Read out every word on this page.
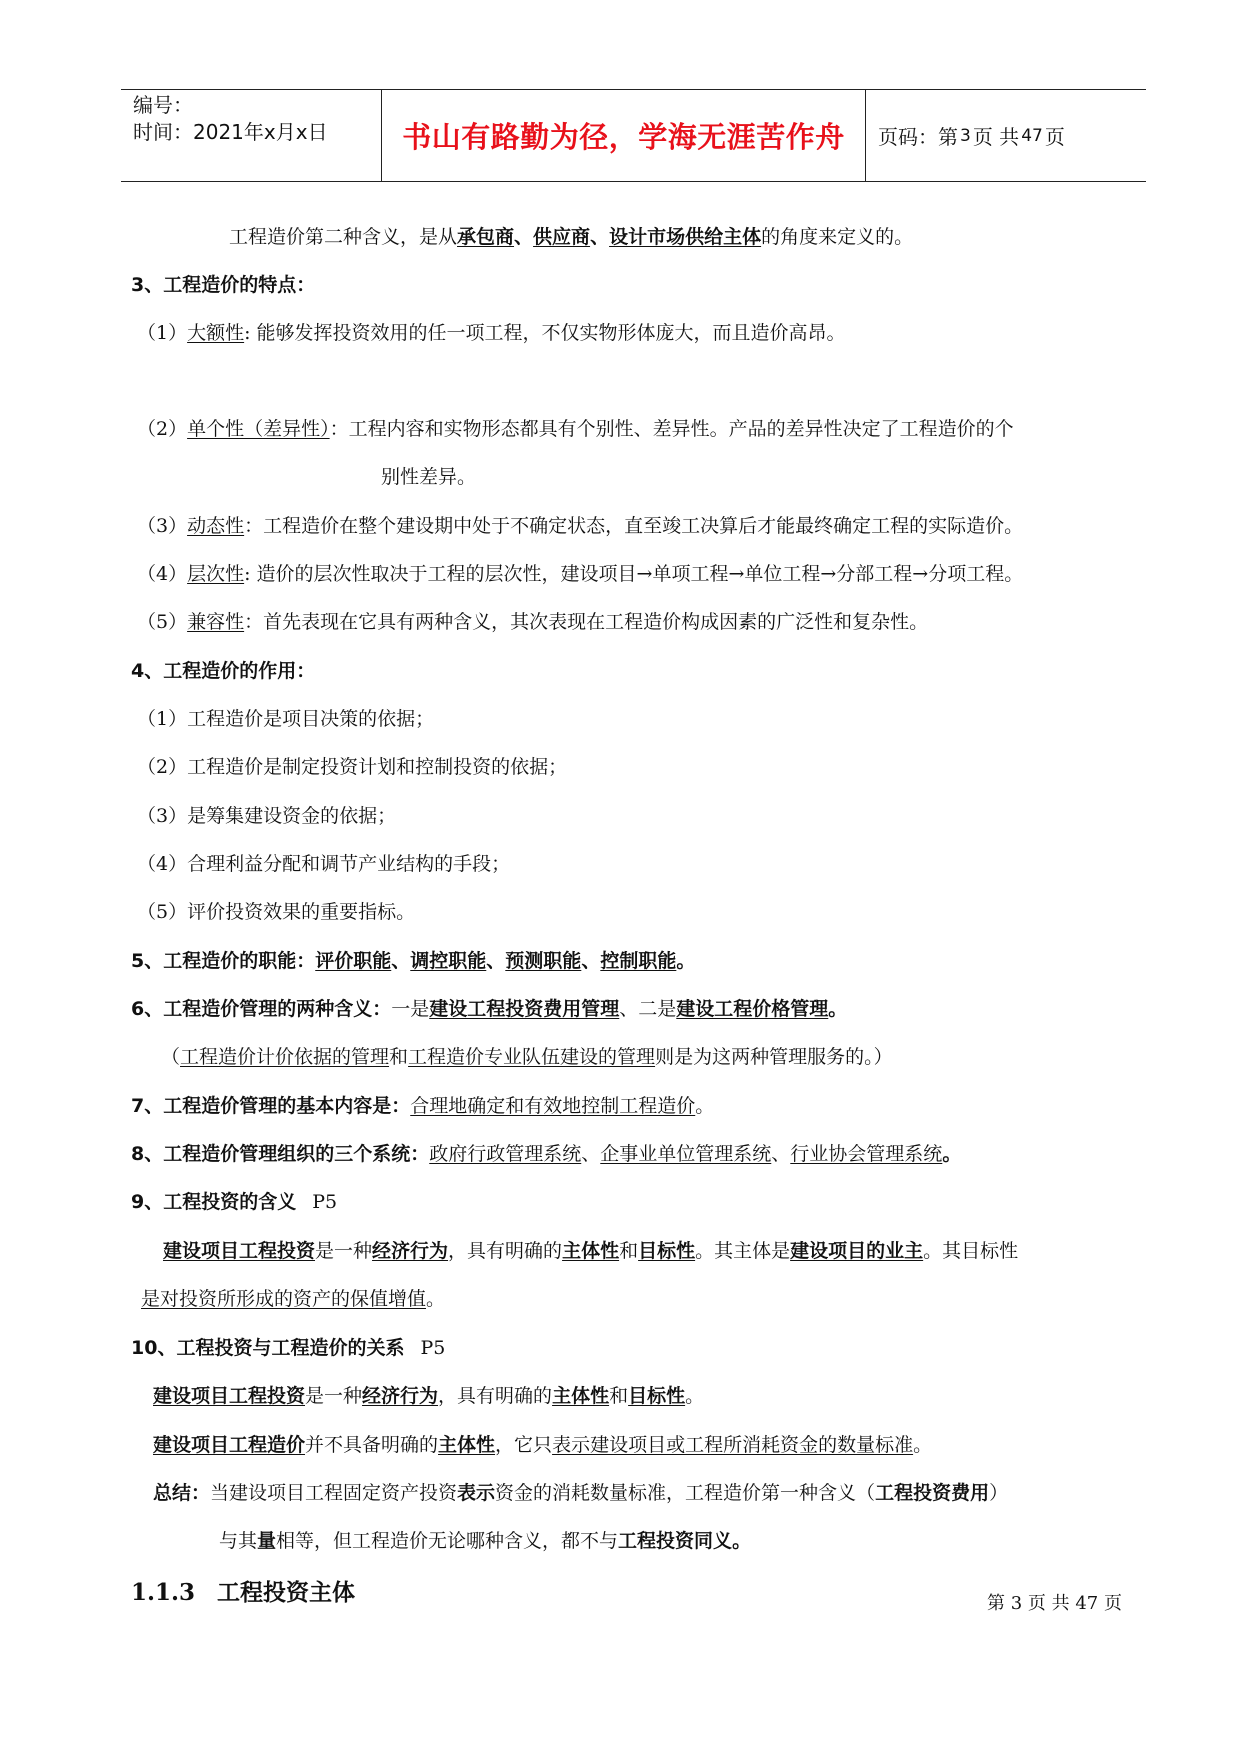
编号：
时间：2021年x月x日	书山有路勤为径，学海无涯苦作舟 页码：第 3 页 共 47 页
工程造价第二种含义，是从承包商、供应商、设计市场供给主体的角度来定义的。
3、工程造价的特点：
（1）大额性: 能够发挥投资效用的任一项工程，不仅实物形体庞大，而且造价高昂。
（2）单个性（差异性）：工程内容和实物形态都具有个别性、差异性。产品的差异性决定了工程造价的个
别性差异。
（3）动态性：工程造价在整个建设期中处于不确定状态，直至竣工决算后才能最终确定工程的实际造价。
（4）层次性: 造价的层次性取决于工程的层次性，建设项目→单项工程→单位工程→分部工程→分项工程。
（5）兼容性：首先表现在它具有两种含义，其次表现在工程造价构成因素的广泛性和复杂性。
4、工程造价的作用：
（1）工程造价是项目决策的依据；
（2）工程造价是制定投资计划和控制投资的依据；
（3）是筹集建设资金的依据；
（4）合理利益分配和调节产业结构的手段；
（5）评价投资效果的重要指标。
5、工程造价的职能：评价职能、调控职能、预测职能、控制职能。
6、工程造价管理的两种含义：一是建设工程投资费用管理、二是建设工程价格管理。
（工程造价计价依据的管理和工程造价专业队伍建设的管理则是为这两种管理服务的。）
7、工程造价管理的基本内容是：合理地确定和有效地控制工程造价。
8、工程造价管理组织的三个系统：政府行政管理系统、企事业单位管理系统、行业协会管理系统。
9、工程投资的含义 P5
建设项目工程投资是一种经济行为，具有明确的主体性和目标性。其主体是建设项目的业主。其目标性
是对投资所形成的资产的保值增值。
10、工程投资与工程造价的关系 P5
建设项目工程投资是一种经济行为，具有明确的主体性和目标性。
建设项目工程造价并不具备明确的主体性，它只表示建设项目或工程所消耗资金的数量标准。
总结：当建设项目工程固定资产投资表示资金的消耗数量标准，工程造价第一种含义（工程投资费用）
与其量相等，但工程造价无论哪种含义，都不与工程投资同义。
1.1.3 工程投资主体	第 3 页 共 47 页
